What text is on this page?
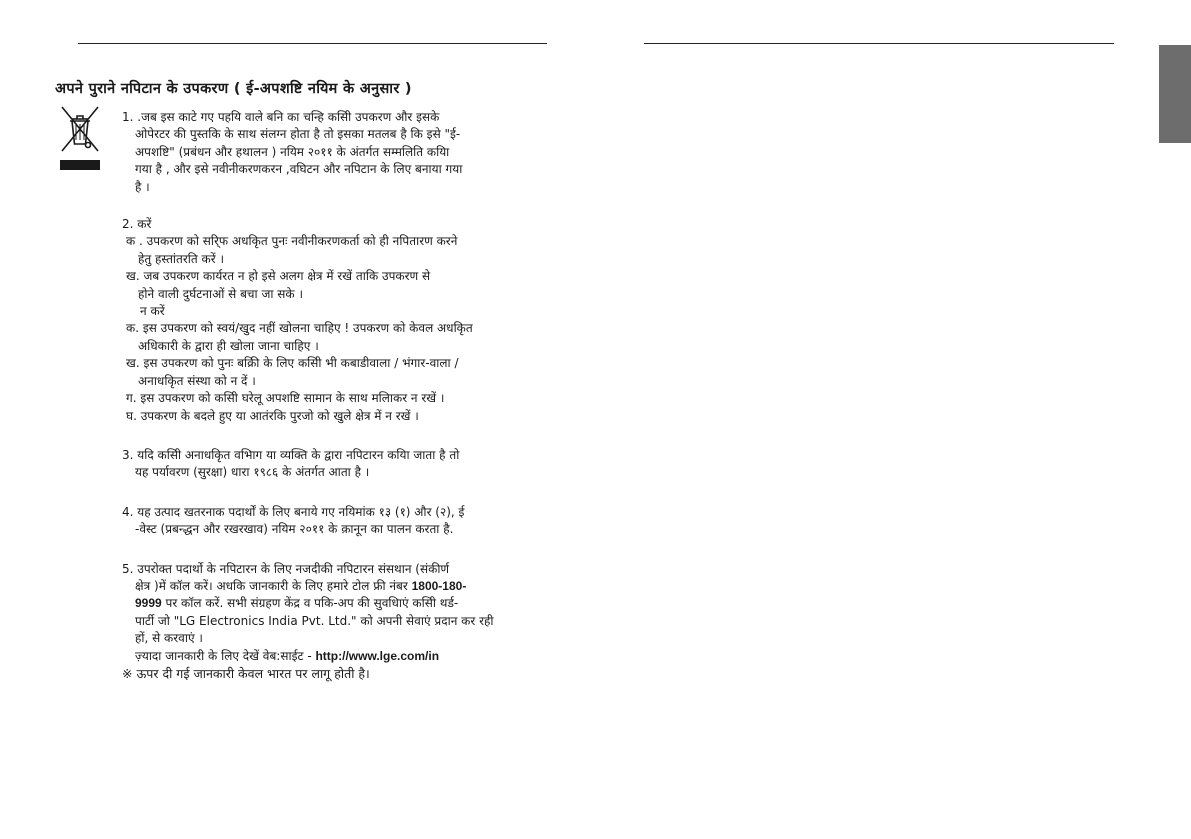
अपने पुराने नपिटान के उपकरण ( ई-अपशष्टि नयिम के अनुसार )

1. .जब इस काटे गए पहयि वाले बनि का चन्हि कसिी उपकरण और इसके

ओपेरटर की पुस्तकि के साथ संलग्न होता है तो इसका मतलब है कि इसे "ई-

अपशष्टि" (प्रबंधन और हथालन ) नयिम २०११ के अंतर्गत सम्मलिति कयिा

गया है , और इसे नवीनीकरणकरन ,वघिटन और नपिटान के लिए बनाया गया

है ।

2. करें

क . उपकरण को सरि्फ अधकिृत पुनः नवीनीकरणकर्ता को ही नपितारण करने

हेतु हस्तांतरति करें ।

ख. जब उपकरण कार्यरत न हो इसे अलग क्षेत्र में रखें ताकि उपकरण से

होने वाली दुर्घटनाओं से बचा जा सके ।

न करें

क. इस उपकरण को स्वयं/खुद नहीं खोलना चाहिए ! उपकरण को केवल अधकिृत

अधिकारी के द्वारा ही खोला जाना चाहिए ।

ख. इस उपकरण को पुनः बक्रिी के लिए कसिी भी कबाडीवाला / भंगार-वाला /

अनाधकिृत संस्था को न दें ।

ग. इस उपकरण को कसिी घरेलू अपशष्टि सामान के साथ मलिाकर न रखें ।

घ. उपकरण के बदले हुए या आतंरकि पुरजो को खुले क्षेत्र में न रखें ।

3. यदि कसिी अनाधकिृत वभिाग या व्यक्ति के द्वारा नपिटारन कयिा जाता है तो

यह पर्यावरण (सुरक्षा) धारा १९८६ के अंतर्गत आता है ।

4. यह उत्पाद खतरनाक पदार्थों के लिए बनाये गए नयिमांक १३ (१) और (२), ई

-वेस्ट (प्रबन्द्धन और रखरखाव) नयिम २०११ के क़ानून का पालन करता है.

5. उपरोक्त पदार्थो के नपिटारन के लिए नजदीकी नपिटारन संसथान (संकीर्ण

क्षेत्र )में कॉल करें। अधकि जानकारी के लिए हमारे टोल फ्री नंबर 1800-180-

9999 पर कॉल करें. सभी संग्रहण केंद्र व पकि-अप की सुवधिाएं कसिी थर्ड-

पार्टी जो "LG Electronics India Pvt. Ltd." को अपनी सेवाएं प्रदान कर रही

हों, से करवाएं ।

ज़्यादा जानकारी के लिए देखें वेब:साईट - http://www.lge.com/in

※ ऊपर दी गई जानकारी केवल भारत पर लागू होती है।
